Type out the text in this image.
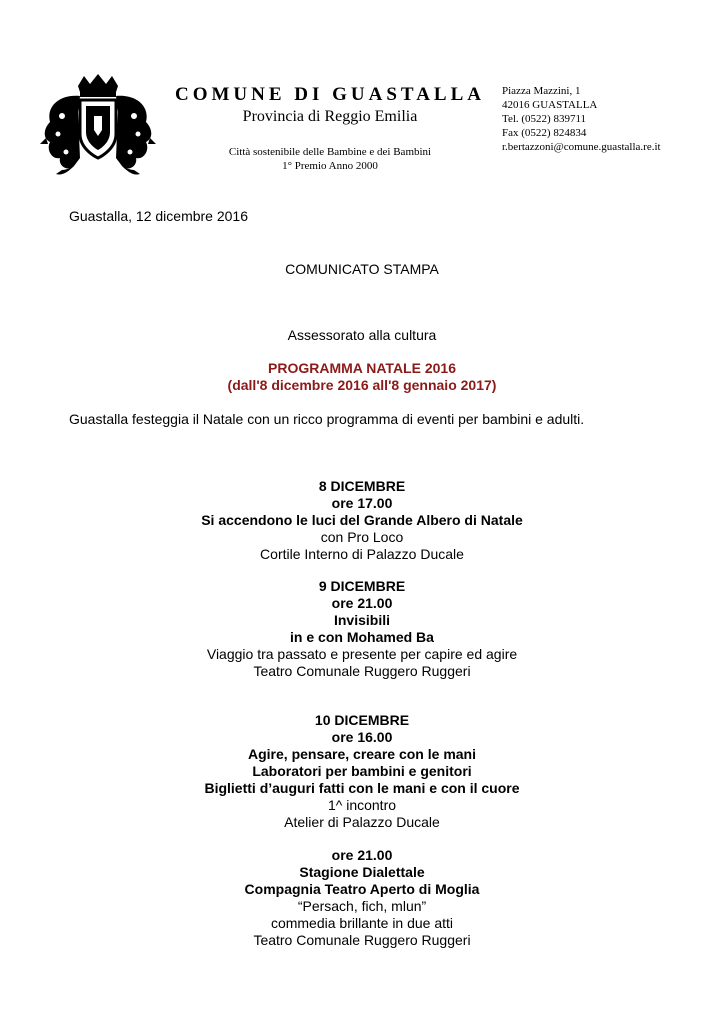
COMUNE DI GUASTALLA
Provincia di Reggio Emilia
Città sostenibile delle Bambine e dei Bambini
1° Premio Anno 2000
Piazza Mazzini, 1
42016 GUASTALLA
Tel. (0522) 839711
Fax (0522) 824834
r.bertazzoni@comune.guastalla.re.it
Guastalla, 12 dicembre 2016
COMUNICATO STAMPA
Assessorato alla cultura
PROGRAMMA NATALE 2016
(dall'8 dicembre 2016 all'8 gennaio 2017)
Guastalla festeggia il Natale con un ricco programma di eventi per bambini e adulti.
8 DICEMBRE
ore 17.00
Si accendono le luci del Grande Albero di Natale
con Pro Loco
Cortile Interno di Palazzo Ducale
9 DICEMBRE
ore 21.00
Invisibili
in e con Mohamed Ba
Viaggio tra passato e presente per capire ed agire
Teatro Comunale Ruggero Ruggeri
10 DICEMBRE
ore 16.00
Agire, pensare, creare con le mani
Laboratori per bambini e genitori
Biglietti d’auguri fatti con le mani e con il cuore
1^ incontro
Atelier di Palazzo Ducale
ore 21.00
Stagione Dialettale
Compagnia Teatro Aperto di Moglia
“Persach, fich, mlun”
commedia brillante in due atti
Teatro Comunale Ruggero Ruggeri
